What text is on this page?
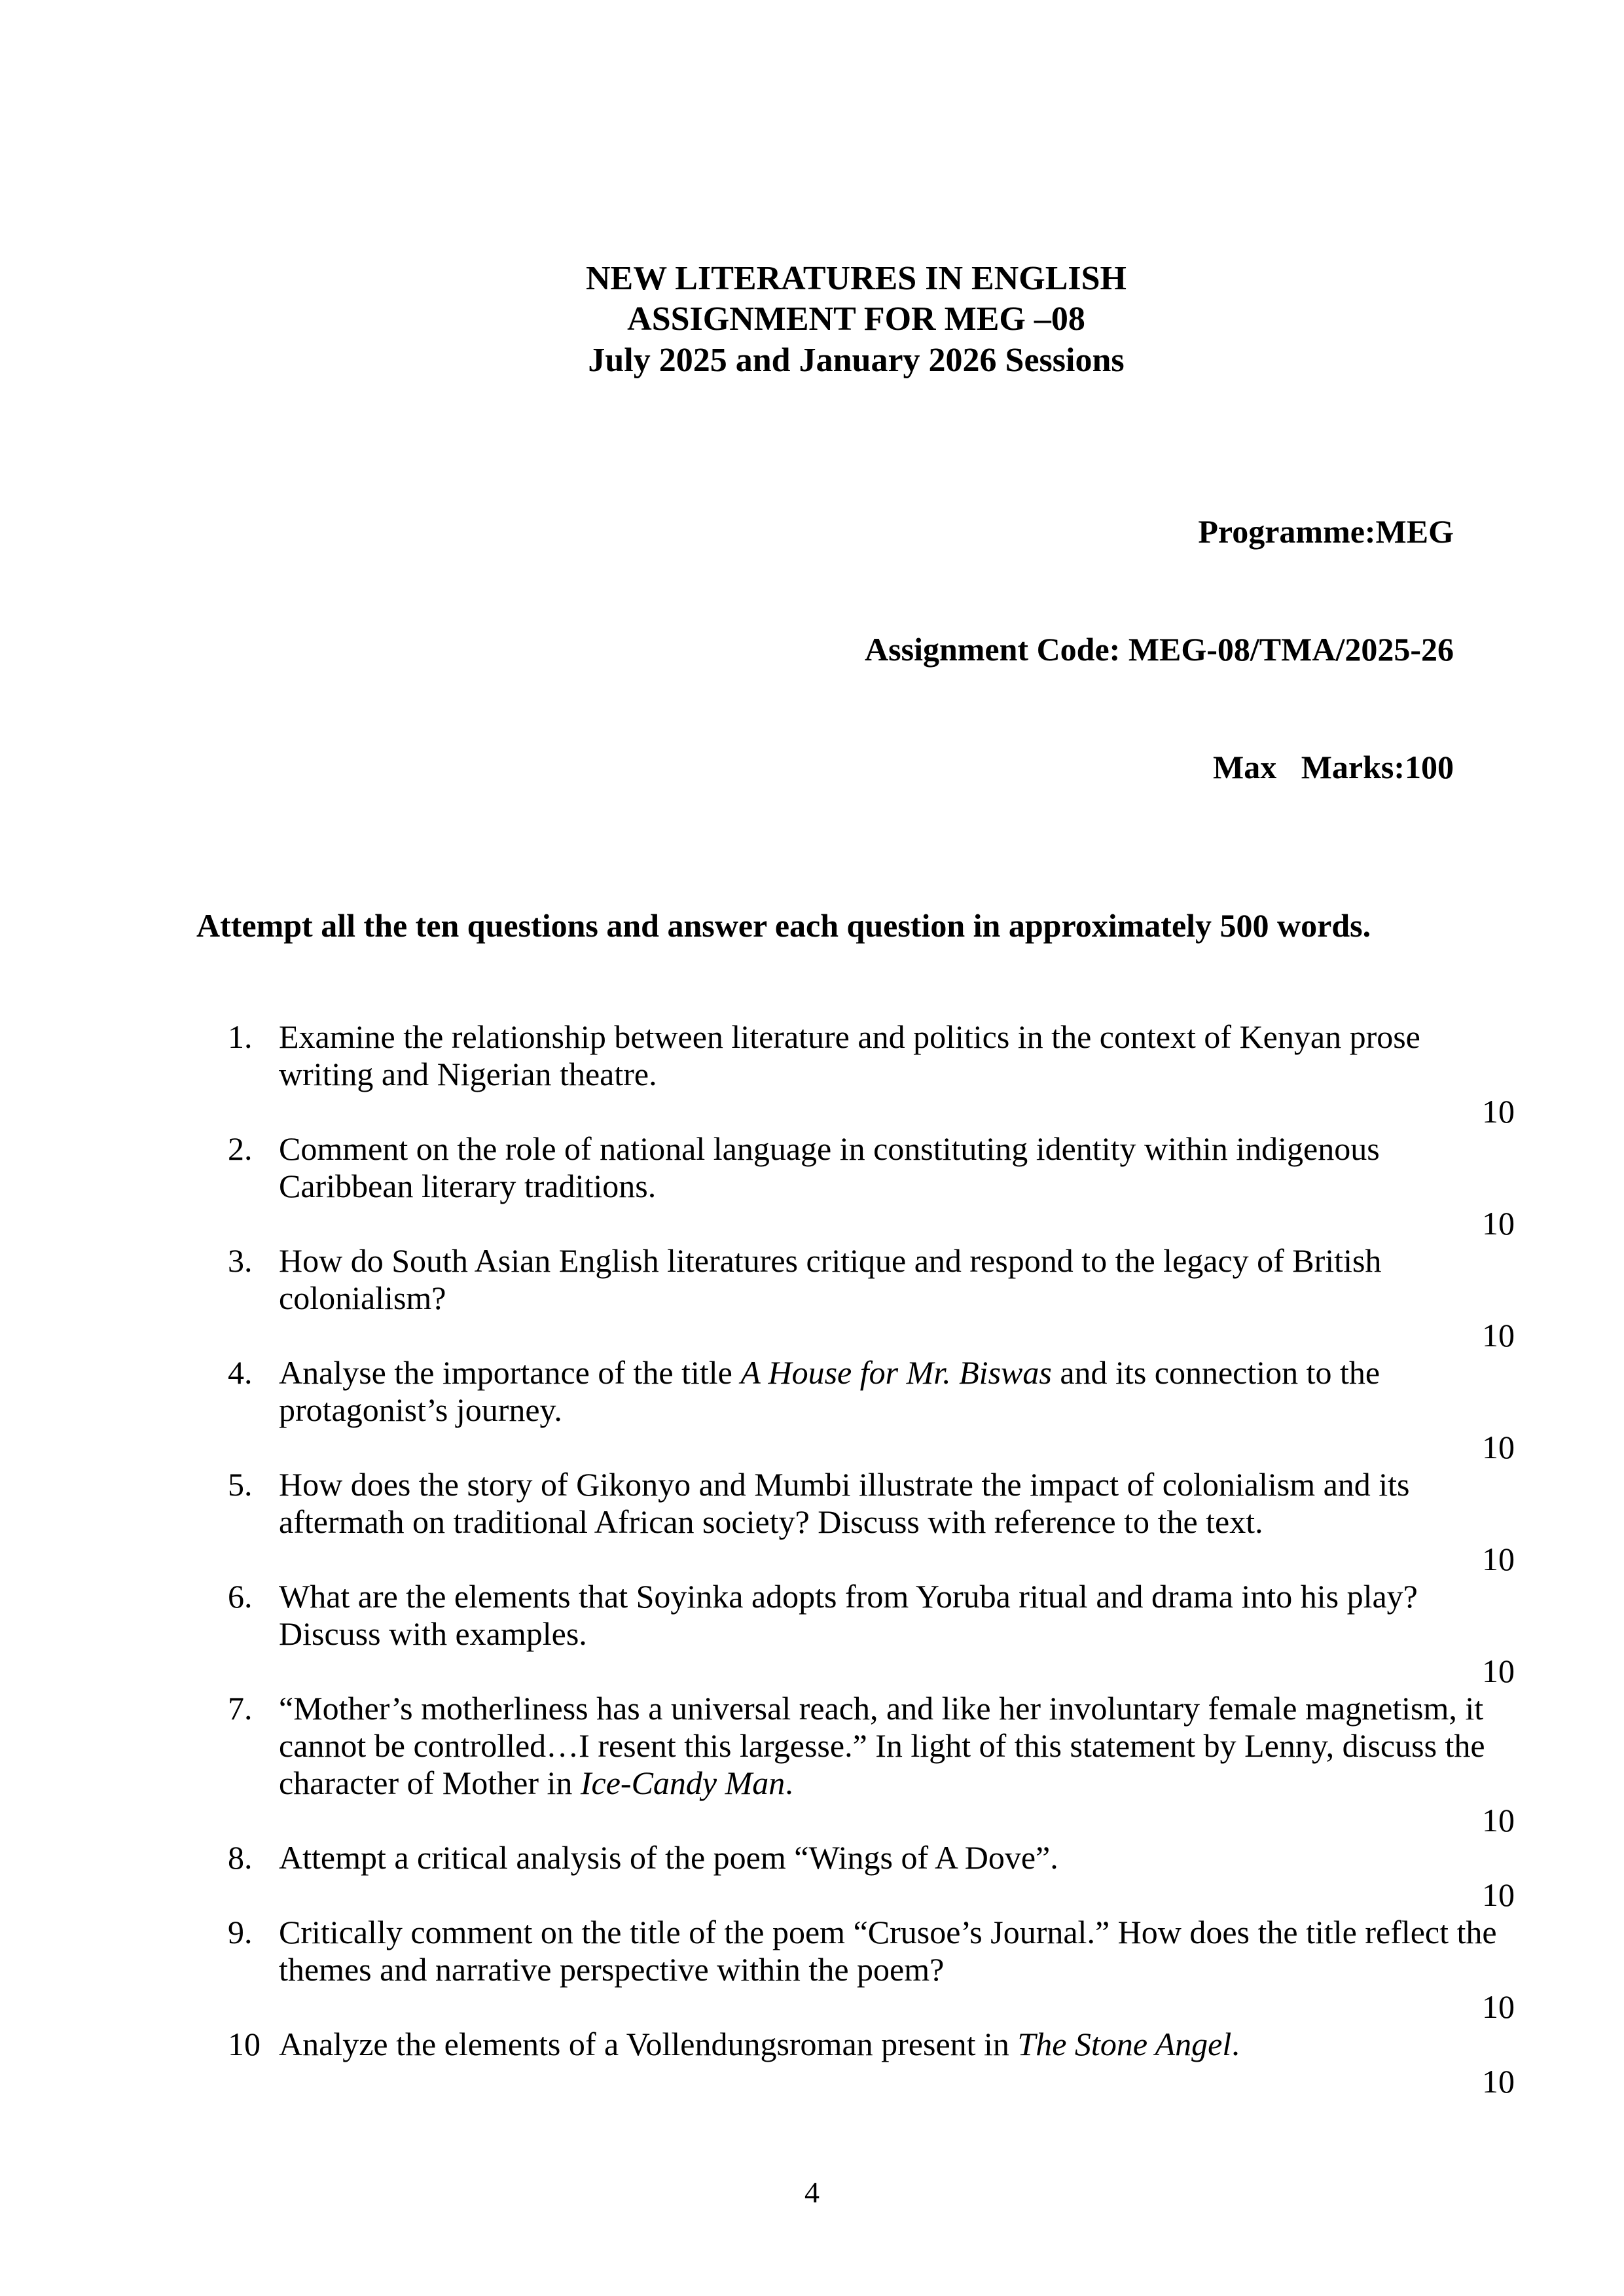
NEW LITERATURES IN ENGLISH
ASSIGNMENT FOR MEG –08
July 2025 and January 2026 Sessions

Programme:MEG

Assignment Code: MEG-08/TMA/2025-26

Max   Marks:100

Attempt all the ten questions and answer each question in approximately 500 words.
1. Examine the relationship between literature and politics in the context of Kenyan prose writing and Nigerian theatre.
10
2. Comment on the role of national language in constituting identity within indigenous Caribbean literary traditions.
10
3. How do South Asian English literatures critique and respond to the legacy of British colonialism?
10
4. Analyse the importance of the title A House for Mr. Biswas and its connection to the protagonist’s journey.
10
5. How does the story of Gikonyo and Mumbi illustrate the impact of colonialism and its aftermath on traditional African society? Discuss with reference to the text.
10
6. What are the elements that Soyinka adopts from Yoruba ritual and drama into his play? Discuss with examples.
10
7. “Mother’s motherliness has a universal reach, and like her involuntary female magnetism, it cannot be controlled…I resent this largesse.” In light of this statement by Lenny, discuss the character of Mother in Ice-Candy Man.
10
8. Attempt a critical analysis of the poem “Wings of A Dove”.
10
9. Critically comment on the title of the poem “Crusoe’s Journal.” How does the title reflect the themes and narrative perspective within the poem?
10
10 Analyze the elements of a Vollendungsroman present in The Stone Angel.
10
4
